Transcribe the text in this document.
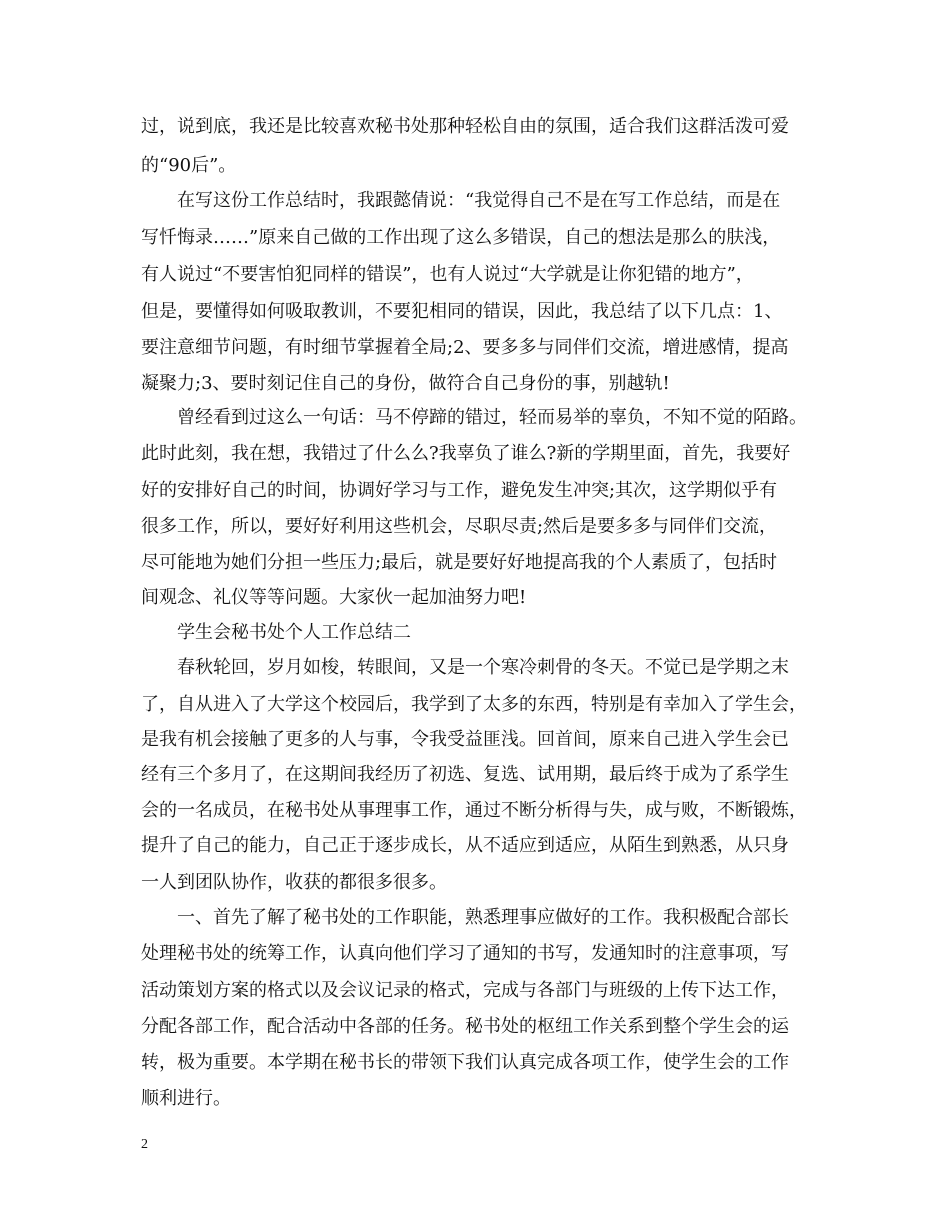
过，说到底，我还是比较喜欢秘书处那种轻松自由的氛围，适合我们这群活泼可爱
的“90后”。
在写这份工作总结时，我跟懿倩说：“我觉得自己不是在写工作总结，而是在
写忏悔录……”原来自己做的工作出现了这么多错误，自己的想法是那么的肤浅，
有人说过“不要害怕犯同样的错误”，也有人说过“大学就是让你犯错的地方”，
但是，要懂得如何吸取教训，不要犯相同的错误，因此，我总结了以下几点：1、
要注意细节问题，有时细节掌握着全局;2、要多多与同伴们交流，增进感情，提高
凝聚力;3、要时刻记住自己的身份，做符合自己身份的事，别越轨!
曾经看到过这么一句话：马不停蹄的错过，轻而易举的辜负，不知不觉的陌路。
此时此刻，我在想，我错过了什么么?我辜负了谁么?新的学期里面，首先，我要好
好的安排好自己的时间，协调好学习与工作，避免发生冲突;其次，这学期似乎有
很多工作，所以，要好好利用这些机会，尽职尽责;然后是要多多与同伴们交流，
尽可能地为她们分担一些压力;最后，就是要好好地提高我的个人素质了，包括时
间观念、礼仪等等问题。大家伙一起加油努力吧!
学生会秘书处个人工作总结二
春秋轮回，岁月如梭，转眼间，又是一个寒冷刺骨的冬天。不觉已是学期之末
了，自从进入了大学这个校园后，我学到了太多的东西，特别是有幸加入了学生会，
是我有机会接触了更多的人与事，令我受益匪浅。回首间，原来自己进入学生会已
经有三个多月了，在这期间我经历了初选、复选、试用期，最后终于成为了系学生
会的一名成员，在秘书处从事理事工作，通过不断分析得与失，成与败，不断锻炼，
提升了自己的能力，自己正于逐步成长，从不适应到适应，从陌生到熟悉，从只身
一人到团队协作，收获的都很多很多。
一、首先了解了秘书处的工作职能，熟悉理事应做好的工作。我积极配合部长
处理秘书处的统筹工作，认真向他们学习了通知的书写，发通知时的注意事项，写
活动策划方案的格式以及会议记录的格式，完成与各部门与班级的上传下达工作，
分配各部工作，配合活动中各部的任务。秘书处的枢纽工作关系到整个学生会的运
转，极为重要。本学期在秘书长的带领下我们认真完成各项工作，使学生会的工作
顺利进行。
2
